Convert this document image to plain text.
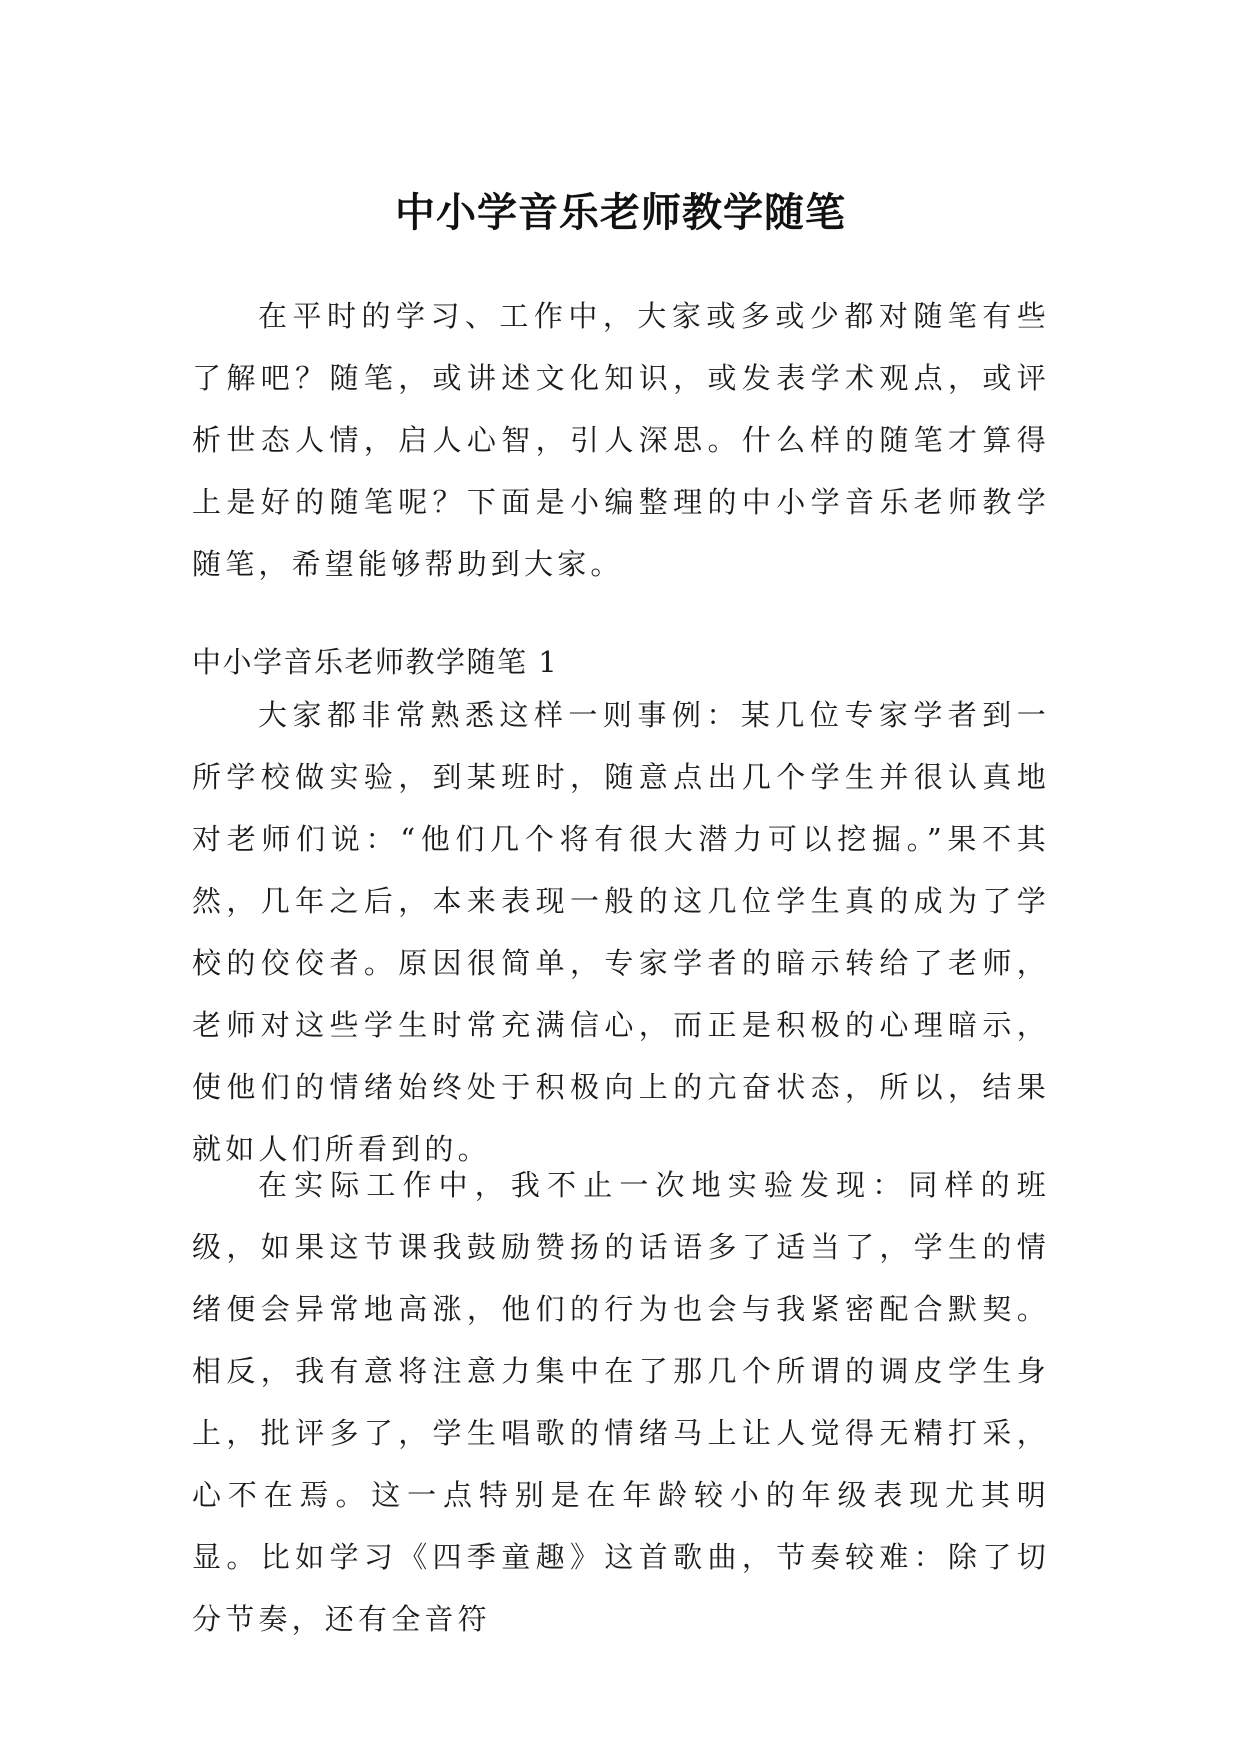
中小学音乐老师教学随笔

在平时的学习、工作中，大家或多或少都对随笔有些了解吧？随笔，或讲述文化知识，或发表学术观点，或评析世态人情，启人心智，引人深思。什么样的随笔才算得上是好的随笔呢？下面是小编整理的中小学音乐老师教学随笔，希望能够帮助到大家。

中小学音乐老师教学随笔 1

大家都非常熟悉这样一则事例：某几位专家学者到一所学校做实验，到某班时，随意点出几个学生并很认真地对老师们说：“他们几个将有很大潜力可以挖掘。”果不其然，几年之后，本来表现一般的这几位学生真的成为了学校的佼佼者。原因很简单，专家学者的暗示转给了老师，老师对这些学生时常充满信心，而正是积极的心理暗示，使他们的情绪始终处于积极向上的亢奋状态，所以，结果就如人们所看到的。

在实际工作中，我不止一次地实验发现：同样的班级，如果这节课我鼓励赞扬的话语多了适当了，学生的情绪便会异常地高涨，他们的行为也会与我紧密配合默契。相反，我有意将注意力集中在了那几个所谓的调皮学生身上，批评多了，学生唱歌的情绪马上让人觉得无精打采，心不在焉。这一点特别是在年龄较小的年级表现尤其明显。比如学习《四季童趣》这首歌曲，节奏较难：除了切分节奏，还有全音符
